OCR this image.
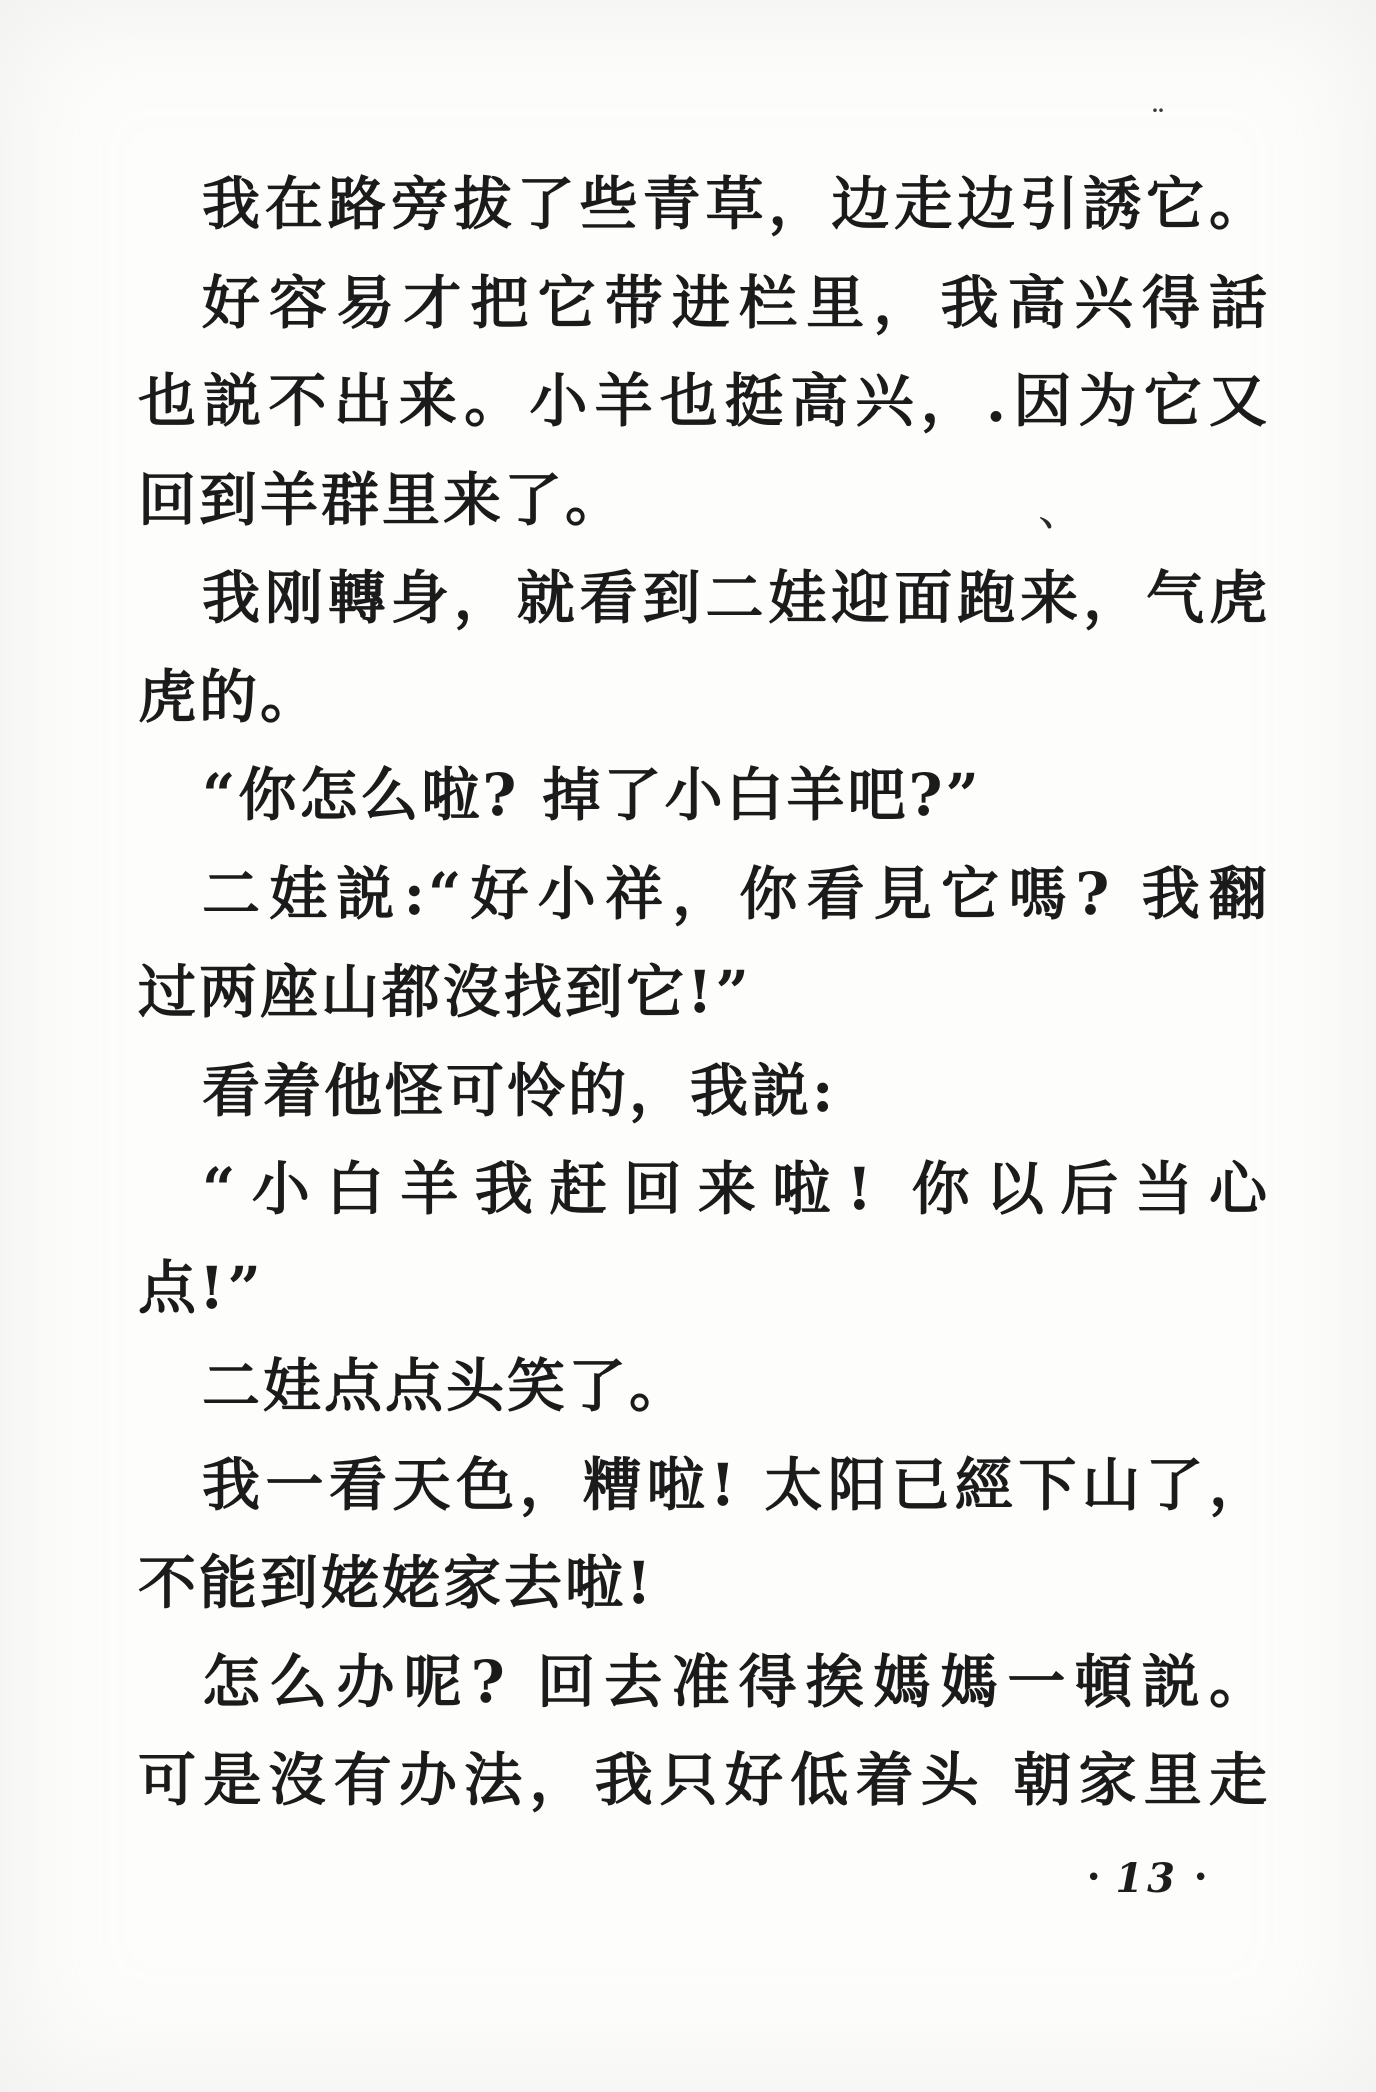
我在路旁拔了些青草，边走边引誘它。
好容易才把它带进栏里，我高兴得話
也説不出来。小羊也挺高兴，.因为它又
回到羊群里来了。
我刚轉身，就看到二娃迎面跑来，气虎
虎的。
“你怎么啦? 掉了小白羊吧?”
二娃説:“好小祥，你看見它嗎? 我翻
过两座山都沒找到它!”
看着他怪可怜的，我説:
“小白羊我赶回来啦! 你以后当心
点!”
二娃点点头笑了。
我一看天色，糟啦! 太阳已經下山了，
不能到姥姥家去啦!
怎么办呢? 回去准得挨媽媽一頓説。
可是沒有办法，我只好低着头 朝家里走
• 13 •
、
¨
